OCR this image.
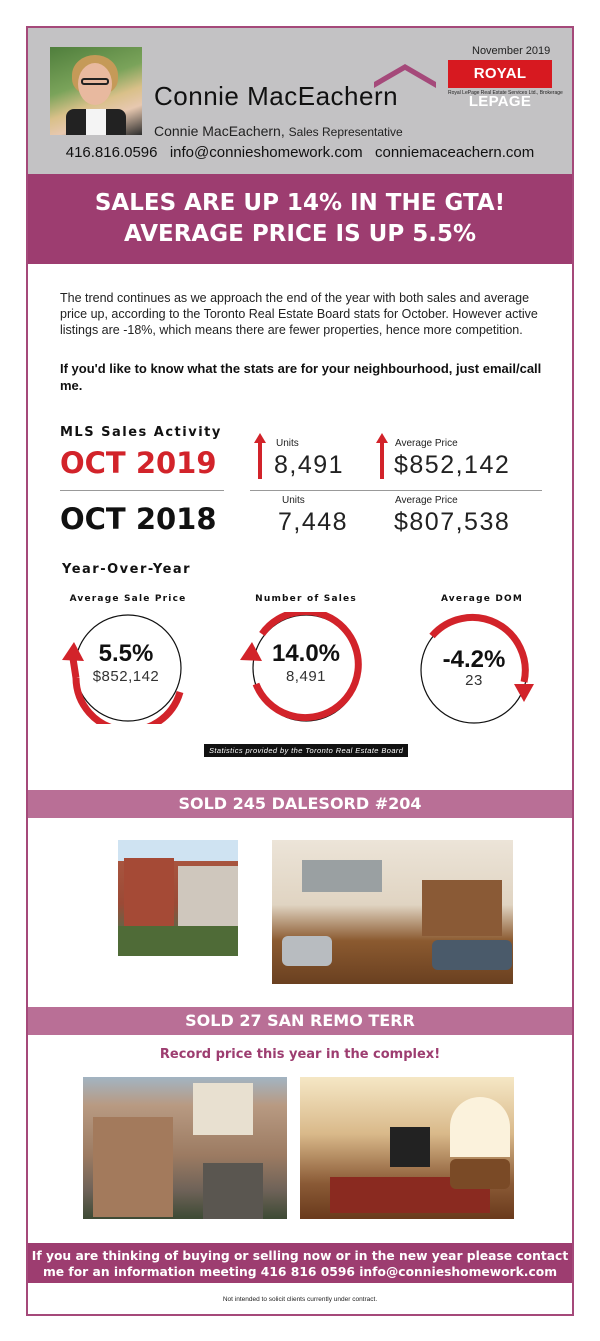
November 2019
Connie MacEachern
ROYAL LEPAGE
Royal LePage Real Estate Services Ltd., Brokerage
Connie MacEachern, Sales Representative
416.816.0596 info@connieshomework.com conniemaceachern.com
SALES ARE UP 14% IN THE GTA!
AVERAGE PRICE IS UP 5.5%
The trend continues as we approach the end of the year with both sales and average price up, according to the Toronto Real Estate Board stats for October. However active listings are -18%, which means there are fewer properties, hence more competition.
If you'd like to know what the stats are for your neighbourhood, just email/call me.
MLS Sales Activity
OCT 2019
OCT 2018
Units
8,491
Average Price
$852,142
Units
7,448
Average Price
$807,538
Year-Over-Year
Average Sale Price	Number of Sales	Average DOM
5.5%
$852,142
14.0%
8,491
-4.2%
23
Statistics provided by the Toronto Real Estate Board
SOLD 245 DALESORD #204
SOLD 27 SAN REMO TERR
Record price this year in the complex!
If you are thinking of buying or selling now or in the new year please contact
me for an information meeting 416 816 0596 info@connieshomework.com
Not intended to solicit clients currently under contract.
